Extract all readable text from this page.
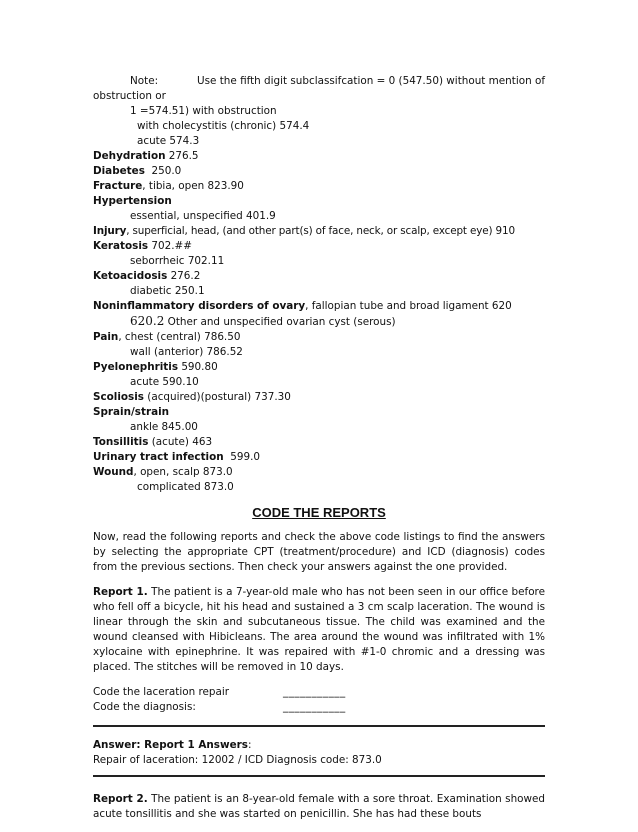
Note:	Use the fifth digit subclassifcation = 0 (547.50) without mention of
obstruction or
1 =574.51) with obstruction
with cholecystitis (chronic) 574.4
acute 574.3
Dehydration 276.5
Diabetes  250.0
Fracture, tibia, open 823.90
Hypertension
essential, unspecified 401.9
Injury, superficial, head, (and other part(s) of face, neck, or scalp, except eye) 910
Keratosis 702.##
seborrheic 702.11
Ketoacidosis 276.2
diabetic 250.1
Noninflammatory disorders of ovary, fallopian tube and broad ligament 620
620.2 Other and unspecified ovarian cyst (serous)
Pain, chest (central) 786.50
wall (anterior) 786.52
Pyelonephritis 590.80
acute 590.10
Scoliosis (acquired)(postural) 737.30
Sprain/strain
ankle 845.00
Tonsillitis (acute) 463
Urinary tract infection  599.0
Wound, open, scalp 873.0
complicated 873.0
CODE THE REPORTS
Now, read the following reports and check the above code listings to find the answers by selecting the appropriate CPT (treatment/procedure) and ICD (diagnosis) codes from the previous sections. Then check your answers against the one provided.
Report 1. The patient is a 7-year-old male who has not been seen in our office before who fell off a bicycle, hit his head and sustained a 3 cm scalp laceration. The wound is linear through the skin and subcutaneous tissue. The child was examined and the wound cleansed with Hibicleans. The area around the wound was infiltrated with 1% xylocaine with epinephrine. It was repaired with #1-0 chromic and a dressing was placed. The stitches will be removed in 10 days.
Code the laceration repair	___________
Code the diagnosis:	___________
Answer: Report 1 Answers:
Repair of laceration: 12002 / ICD Diagnosis code: 873.0
Report 2. The patient is an 8-year-old female with a sore throat. Examination showed acute tonsillitis and she was started on penicillin. She has had these bouts
